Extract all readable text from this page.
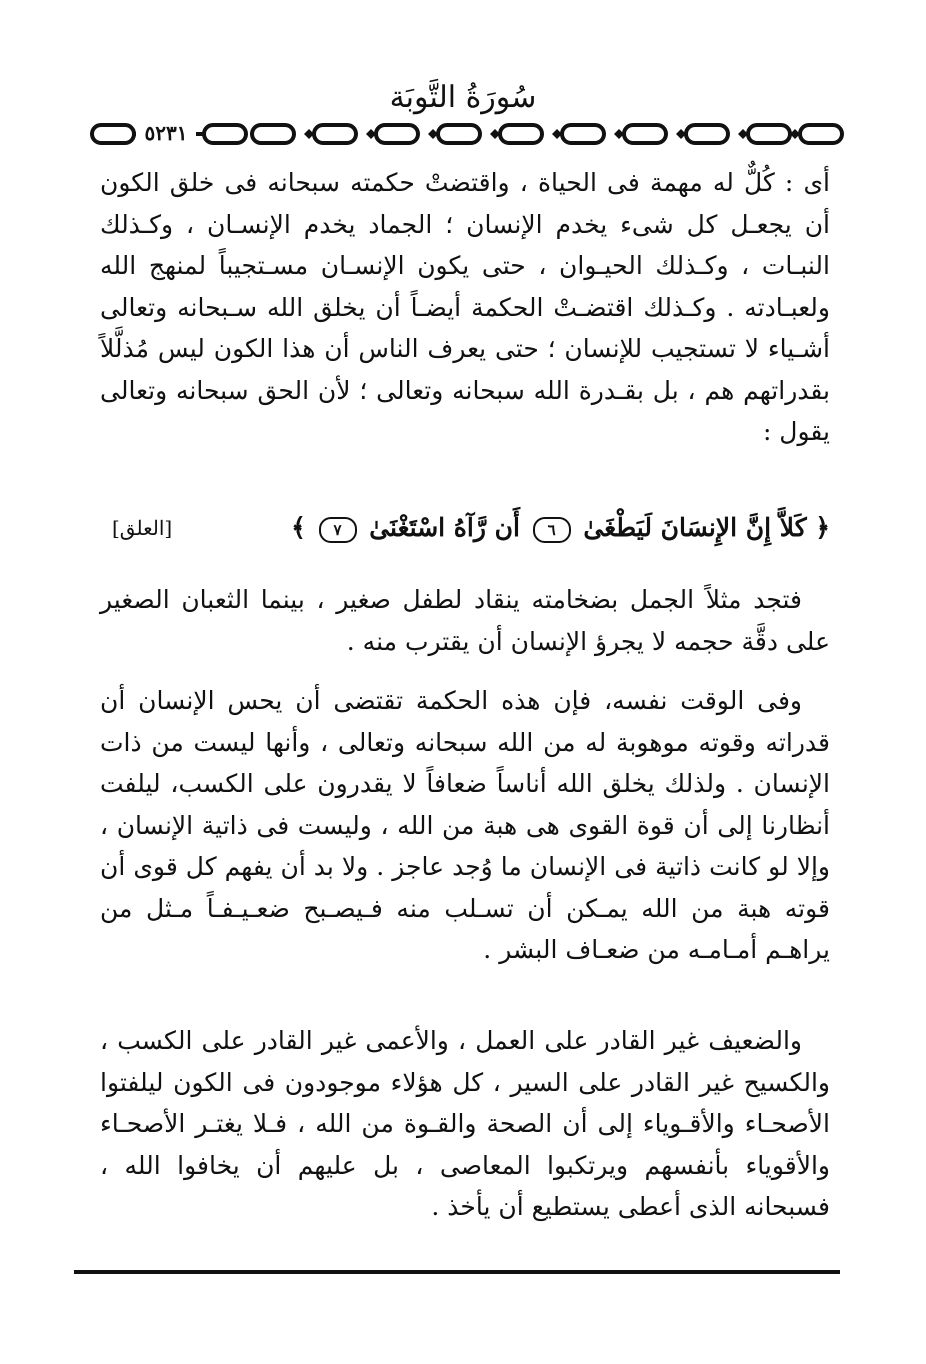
سُورَةُ التَّوبَة
٥٢٣١
أى : كُلٌّ له مهمة فى الحياة ، واقتضتْ حكمته سبحانه فى خلق الكون أن يجعـل كل شىء يخدم الإنسان ؛ الجماد يخدم الإنسـان ، وكـذلك النبـات ، وكـذلك الحيـوان ، حتى يكون الإنسـان مسـتجيباً لمنهج الله ولعبـادته . وكـذلك اقتضـتْ الحكمة أيضـاً أن يخلق الله سـبحانه وتعالى أشـياء لا تستجيب للإنسان ؛ حتى يعرف الناس أن هذا الكون ليس مُذلَّلاً بقدراتهم هم ، بل بقـدرة الله سبحانه وتعالى ؛ لأن الحق سبحانه وتعالى يقول :
﴿ كَلاَّ إِنَّ الإِنسَانَ لَيَطْغَىٰ ٦ أَن رَّآهُ اسْتَغْنَىٰ ٧ ﴾
[العلق]
فتجد مثلاً الجمل بضخامته ينقاد لطفل صغير ، بينما الثعبان الصغير على دقَّة حجمه لا يجرؤ الإنسان أن يقترب منه .
وفى الوقت نفسه، فإن هذه الحكمة تقتضى أن يحس الإنسان أن قدراته وقوته موهوبة له من الله سبحانه وتعالى ، وأنها ليست من ذات الإنسان . ولذلك يخلق الله أناساً ضعافاً لا يقدرون على الكسب، ليلفت أنظارنا إلى أن قوة القوى هى هبة من الله ، وليست فى ذاتية الإنسان ، وإلا لو كانت ذاتية فى الإنسان ما وُجد عاجز . ولا بد أن يفهم كل قوى أن قوته هبة من الله يمـكن أن تسـلب منه فـيصـبح ضعـيـفـاً مـثل من يراهـم أمـامـه من ضعـاف البشر .
والضعيف غير القادر على العمل ، والأعمى غير القادر على الكسب ، والكسيح غير القادر على السير ، كل هؤلاء موجودون فى الكون ليلفتوا الأصحـاء والأقـوياء إلى أن الصحة والقـوة من الله ، فـلا يغتـر الأصحـاء والأقوياء بأنفسهم ويرتكبوا المعاصى ، بل عليهم أن يخافوا الله ، فسبحانه الذى أعطى يستطيع أن يأخذ .
